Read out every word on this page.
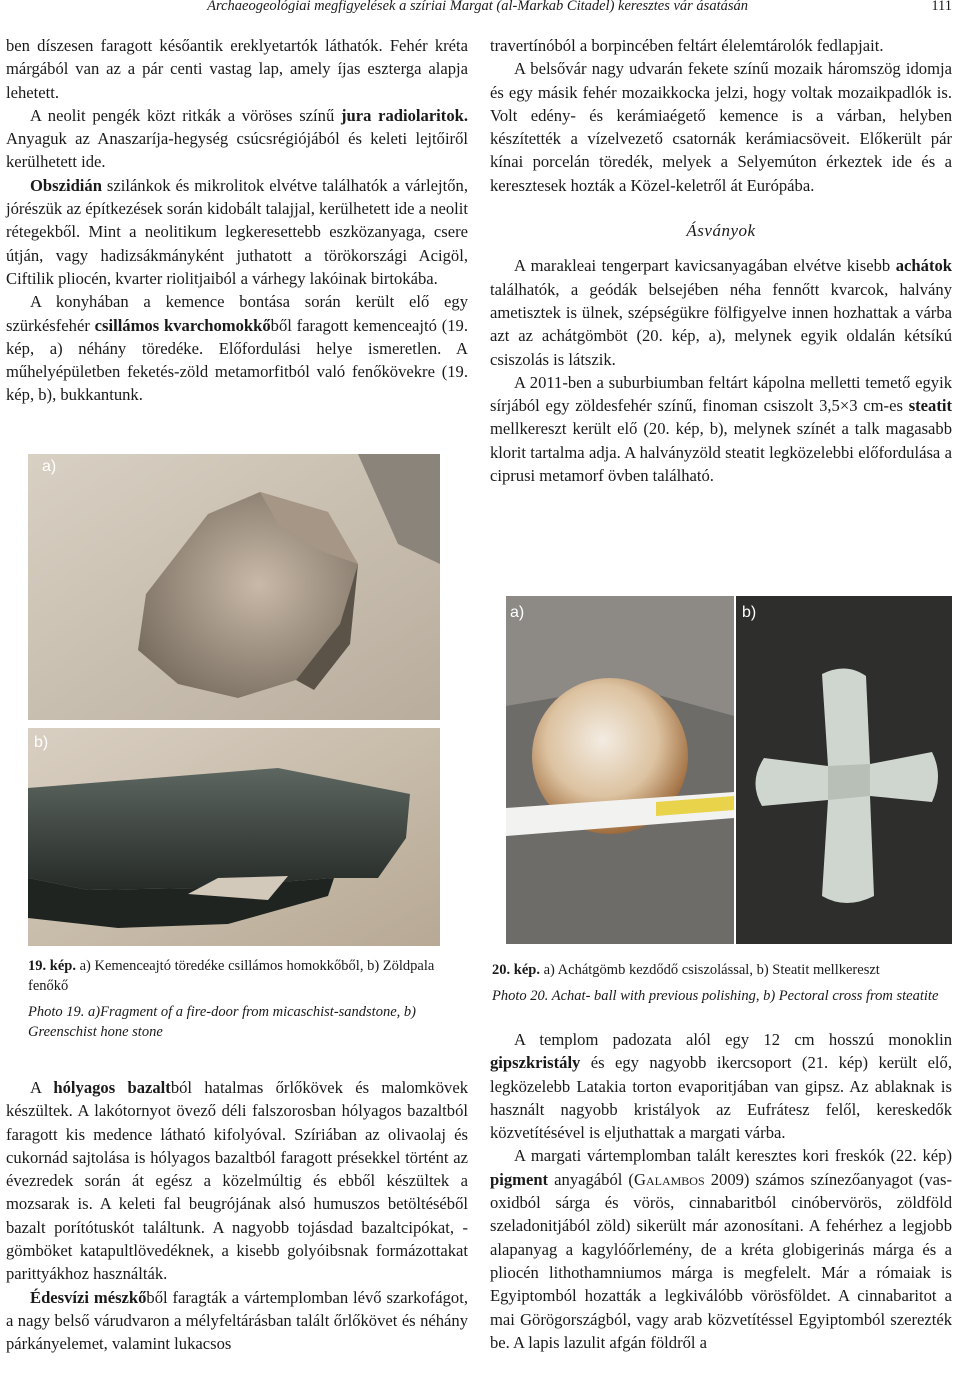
Archaeogeológiai megfigyelések a szíriai Margat (al-Markab Citadel) keresztes vár ásatásán	111

ben díszesen faragott későantik ereklyetartók láthatók. Fehér kréta márgából van az a pár centi vastag lap, amely íjas eszterga alapja lehetett.

A neolit pengék közt ritkák a vöröses színű jura radiolaritok. Anyaguk az Anaszaríja-hegység csúcsrégiójából és keleti lejtőiről kerülhetett ide.

Obszidián szilánkok és mikrolitok elvétve találhatók a várlejtőn, jórészük az építkezések során kidobált talajjal, kerülhetett ide a neolit rétegekből. Mint a neolitikum legkeresettebb eszközanyaga, csere útján, vagy hadizsákmányként juthatott a törökországi Acigöl, Ciftilik pliocén, kvarter riolitjaiból a várhegy lakóinak birtokába.

A konyhában a kemence bontása során került elő egy szürkésfehér csillámos kvarchomokkőből faragott kemenceajtó (19. kép, a) néhány töredéke. Előfordulási helye ismeretlen. A műhelyépületben feketés-zöld metamorfitból való fenőkövekre (19. kép, b), bukkantunk.

travertínóból a borpincében feltárt élelemtárolók fedlapjait.

A belsővár nagy udvarán fekete színű mozaik háromszög idomja és egy másik fehér mozaikkocka jelzi, hogy voltak mozaikpadlók is. Volt edény- és kerámiaégető kemence is a várban, helyben készítették a vízelvezető csatornák kerámiacsöveit. Előkerült pár kínai porcelán töredék, melyek a Selyemúton érkeztek ide és a keresztesek hozták a Közel-keletről át Európába.

Ásványok

A marakleai tengerpart kavicsanyagában elvétve kisebb achátok találhatók, a geódák belsejében néha fennőtt kvarcok, halvány ametisztek is ülnek, szépségükre fölfigyelve innen hozhattak a várba azt az achátgömböt (20. kép, a), melynek egyik oldalán kétsíkú csiszolás is látszik.

A 2011-ben a suburbiumban feltárt kápolna melletti temető egyik sírjából egy zöldesfehér színű, finoman csiszolt 3,5×3 cm-es steatit mellkereszt került elő (20. kép, b), melynek színét a talk magasabb klorit tartalma adja. A halványzöld steatit legközelebbi előfordulása a ciprusi metamorf övben található.

a)
b)
19. kép. a) Kemenceajtó töredéke csillámos homokkőből, b) Zöldpala fenőkő
Photo 19. a)Fragment of a fire-door from micaschist-sandstone, b) Greenschist hone stone
a)	b)
20. kép. a) Achátgömb kezdődő csiszolással, b) Steatit mellkereszt
Photo 20. Achat- ball with previous polishing, b) Pectoral cross from steatite

A hólyagos bazaltból hatalmas őrlőkövek és malomkövek készültek. A lakótornyot övező déli falszorosban hólyagos bazaltból faragott kis medence látható kifolyóval. Szíriában az olivaolaj és cukornád sajtolása is hólyagos bazaltból faragott présekkel történt az évezredek során át egész a közelmúltig és ebből készültek a mozsarak is. A keleti fal beugrójának alsó humuszos betöltéséből bazalt porítótuskót találtunk. A nagyobb tojásdad bazaltcipókat, -gömböket katapultlövedéknek, a kisebb golyóibsnak formázottakat parittyákhoz használták.

Édesvízi mészkőből faragták a vártemplomban lévő szarkofágot, a nagy belső várudvaron a mélyfeltárásban talált őrlőkövet és néhány párkányelemet, valamint lukacsos

A templom padozata alól egy 12 cm hosszú monoklin gipszkristály és egy nagyobb ikercsoport (21. kép) került elő, legközelebb Latakia torton evaporitjában van gipsz. Az ablaknak is használt nagyobb kristályok az Eufrátesz felől, kereskedők közvetítésével is eljuthattak a margati várba.

A margati vártemplomban talált keresztes kori freskók (22. kép) pigment anyagából (Galambos 2009) számos színezőanyagot (vas-oxidból sárga és vörös, cinnabaritból cinóbervörös, zöldföld szeladonitjából zöld) sikerült már azonosítani. A fehérhez a legjobb alapanyag a kagylóőrlemény, de a kréta globigerinás márga és a pliocén lithothamniumos márga is megfelelt. Már a rómaiak is Egyiptomból hozatták a legkiválóbb vörösföldet. A cinnabaritot a mai Görögországból, vagy arab közvetítéssel Egyiptomból szerezték be. A lapis lazulit afgán földről a
